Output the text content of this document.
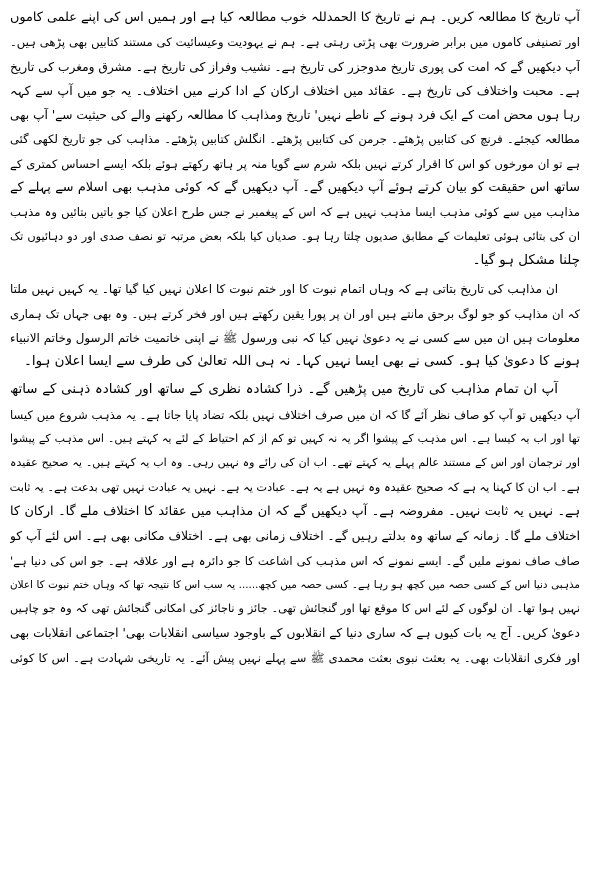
آپ تاریخ کا مطالعہ کریں۔ ہم نے تاریخ کا الحمدللہ خوب مطالعہ کیا ہے اور ہمیں اس کی اپنے علمی کاموں
اور تصنیفی کاموں میں برابر ضرورت بھی پڑتی رہتی ہے۔ ہم نے یہودیت وعیسائیت کی مستند کتابیں بھی پڑھی ہیں۔
آپ دیکھیں گے کہ امت کی پوری تاریخ مدوجزر کی تاریخ ہے۔ نشیب وفراز کی تاریخ ہے۔ مشرق ومغرب کی تاریخ
ہے۔ محبت واختلاف کی تاریخ ہے۔ عقائد میں اختلاف ارکان کے ادا کرنے میں اختلاف۔ یہ جو میں آپ سے کہہ
رہا ہوں محض امت کے ایک فرد ہونے کے ناطے نہیں' تاریخ ومذاہب کا مطالعہ رکھنے والے کی حیثیت سے' آپ بھی
مطالعہ کیجئے۔ فرنچ کی کتابیں پڑھئے۔ جرمن کی کتابیں پڑھئے۔ انگلش کتابیں پڑھئے۔ مذاہب کی جو تاریخ لکھی گئی
ہے تو ان مورخوں کو اس کا اقرار کرتے نہیں بلکہ شرم سے گویا منہ پر ہاتھ رکھتے ہوئے بلکہ ایسے احساس کمتری کے
ساتھ اس حقیقت کو بیان کرتے ہوئے آپ دیکھیں گے۔ آپ دیکھیں گے کہ کوئی مذہب بھی اسلام سے پہلے کے
مذاہب میں سے کوئی مذہب ایسا مذہب نہیں ہے کہ اس کے پیغمبر نے جس طرح اعلان کیا جو باتیں بتائیں وہ مذہب
ان کی بتائی ہوئی تعلیمات کے مطابق صدیوں چلتا رہا ہو۔ صدیاں کیا بلکہ بعض مرتبہ تو نصف صدی اور دو دہائیوں تک
چلنا مشکل ہو گیا۔
ان مذاہب کی تاریخ بتاتی ہے کہ وہاں اتمام نبوت کا اور ختم نبوت کا اعلان نہیں کیا گیا تھا۔ یہ کہیں نہیں ملتا
کہ ان مذاہب کو جو لوگ برحق مانتے ہیں اور ان پر پورا یقین رکھتے ہیں اور فخر کرتے ہیں۔ وہ بھی جہاں تک ہماری
معلومات ہیں ان میں سے کسی نے یہ دعویٰ نہیں کیا کہ نبی ورسول ﷺ نے اپنی خاتمیت خاتم الرسول وخاتم الانبیاء
ہونے کا دعویٰ کیا ہو۔ کسی نے بھی ایسا نہیں کہا۔ نہ ہی اللہ تعالیٰ کی طرف سے ایسا اعلان ہوا۔
آپ ان تمام مذاہب کی تاریخ میں پڑھیں گے۔ ذرا کشادہ نظری کے ساتھ اور کشادہ ذہنی کے ساتھ
آپ دیکھیں تو آپ کو صاف نظر آئے گا کہ ان میں صرف اختلاف نہیں بلکہ تضاد پایا جاتا ہے۔ یہ مذہب شروع میں کیسا
تھا اور اب یہ کیسا ہے۔ اس مذہب کے پیشوا اگر یہ نہ کہیں تو کم از کم احتیاط کے لئے یہ کہتے ہیں۔ اس مذہب کے پیشوا
اور ترجمان اور اس کے مستند عالم پہلے یہ کہتے تھے۔ اب ان کی رائے وہ نہیں رہی۔ وہ اب یہ کہتے ہیں۔ یہ صحیح عقیدہ
ہے۔ اب ان کا کہنا یہ ہے کہ صحیح عقیدہ وہ نہیں ہے یہ ہے۔ عبادت یہ ہے۔ نہیں یہ عبادت نہیں تھی بدعت ہے۔ یہ ثابت
ہے۔ نہیں یہ ثابت نہیں۔ مفروضہ ہے۔ آپ دیکھیں گے کہ ان مذاہب میں عقائد کا اختلاف ملے گا۔ ارکان کا
اختلاف ملے گا۔ زمانہ کے ساتھ وہ بدلتے رہیں گے۔ اختلاف زمانی بھی ہے۔ اختلاف مکانی بھی ہے۔ اس لئے آپ کو
صاف صاف نمونے ملیں گے۔ ایسے نمونے کہ اس مذہب کی اشاعت کا جو دائرہ ہے اور علاقہ ہے۔ جو اس کی دنیا ہے'
مذہبی دنیا اس کے کسی حصہ میں کچھ ہو رہا ہے۔ کسی حصہ میں کچھ...... یہ سب اس کا نتیجہ تھا کہ وہاں ختم نبوت کا اعلان
نہیں ہوا تھا۔ ان لوگوں کے لئے اس کا موقع تھا اور گنجائش تھی۔ جائز و ناجائز کی امکانی گنجائش تھی کہ وہ جو چاہیں
دعویٰ کریں۔ آج یہ بات کیوں ہے کہ ساری دنیا کے انقلابوں کے باوجود سیاسی انقلابات بھی' اجتماعی انقلابات بھی
اور فکری انقلابات بھی۔ یہ بعثت نبوی بعثت محمدی ﷺ سے پہلے نہیں پیش آئے۔ یہ تاریخی شہادت ہے۔ اس کا کوئی
